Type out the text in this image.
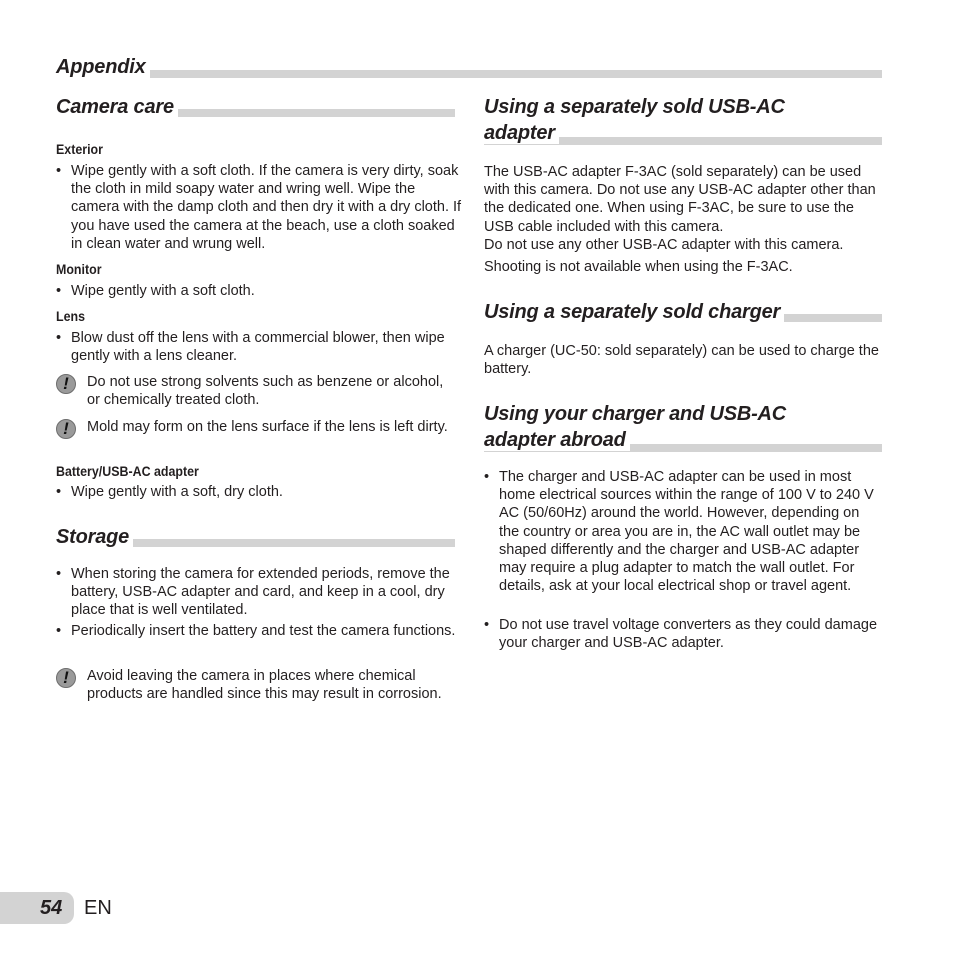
Appendix
Camera care
Exterior
• Wipe gently with a soft cloth. If the camera is very dirty, soak the cloth in mild soapy water and wring well. Wipe the camera with the damp cloth and then dry it with a dry cloth. If you have used the camera at the beach, use a cloth soaked in clean water and wrung well.
Monitor
• Wipe gently with a soft cloth.
Lens
• Blow dust off the lens with a commercial blower, then wipe gently with a lens cleaner.
!	Do not use strong solvents such as benzene or alcohol, or chemically treated cloth.
!	Mold may form on the lens surface if the lens is left dirty.
Battery/USB-AC adapter
• Wipe gently with a soft, dry cloth.
Storage
• When storing the camera for extended periods, remove the battery, USB-AC adapter and card, and keep in a cool, dry place that is well ventilated.
• Periodically insert the battery and test the camera functions.
!	Avoid leaving the camera in places where chemical products are handled since this may result in corrosion.
Using a separately sold USB-AC
adapter
The USB-AC adapter F-3AC (sold separately) can be used with this camera. Do not use any USB-AC adapter other than the dedicated one. When using F-3AC, be sure to use the USB cable included with this camera.
Do not use any other USB-AC adapter with this camera.
Shooting is not available when using the F-3AC.
Using a separately sold charger
A charger (UC-50: sold separately) can be used to charge the battery.
Using your charger and USB-AC
adapter abroad
• The charger and USB-AC adapter can be used in most home electrical sources within the range of 100 V to 240 V AC (50/60Hz) around the world. However, depending on the country or area you are in, the AC wall outlet may be shaped differently and the charger and USB-AC adapter may require a plug adapter to match the wall outlet. For details, ask at your local electrical shop or travel agent.
• Do not use travel voltage converters as they could damage your charger and USB-AC adapter.
54 EN
